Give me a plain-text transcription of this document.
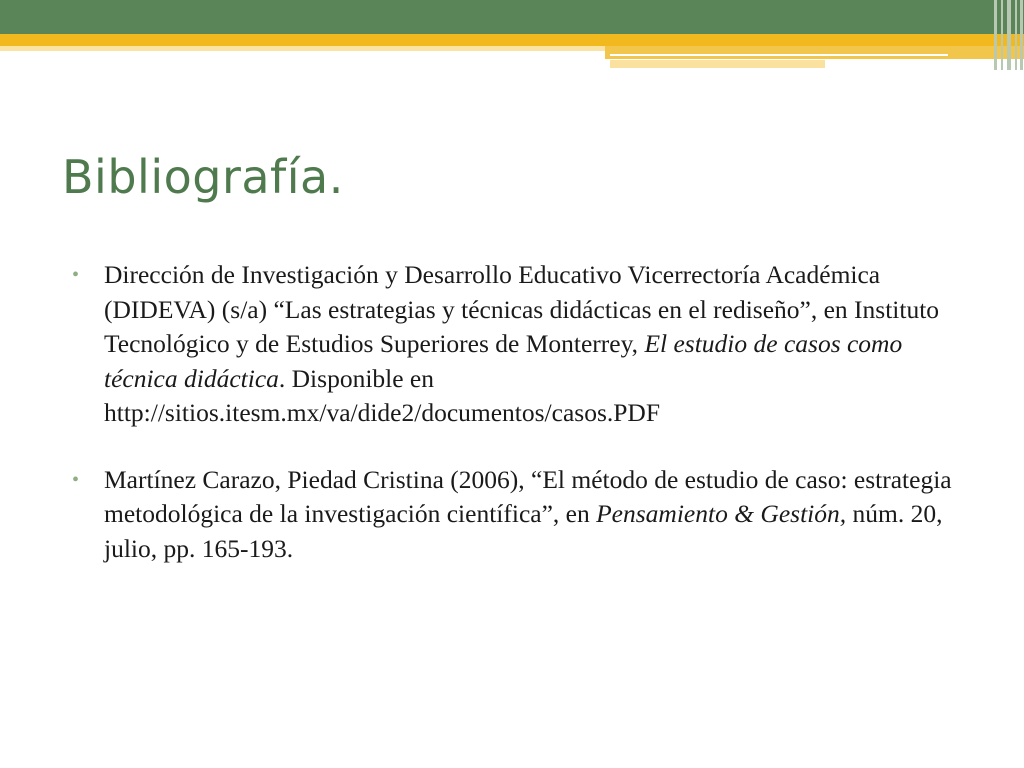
Bibliografía.
• Dirección de Investigación y Desarrollo Educativo Vicerrectoría Académica (DIDEVA) (s/a) “Las estrategias y técnicas didácticas en el rediseño”, en Instituto Tecnológico y de Estudios Superiores de Monterrey, El estudio de casos como técnica didáctica. Disponible en http://sitios.itesm.mx/va/dide2/documentos/casos.PDF
• Martínez Carazo, Piedad Cristina (2006), “El método de estudio de caso: estrategia metodológica de la investigación científica”, en Pensamiento & Gestión, núm. 20, julio, pp. 165-193.
